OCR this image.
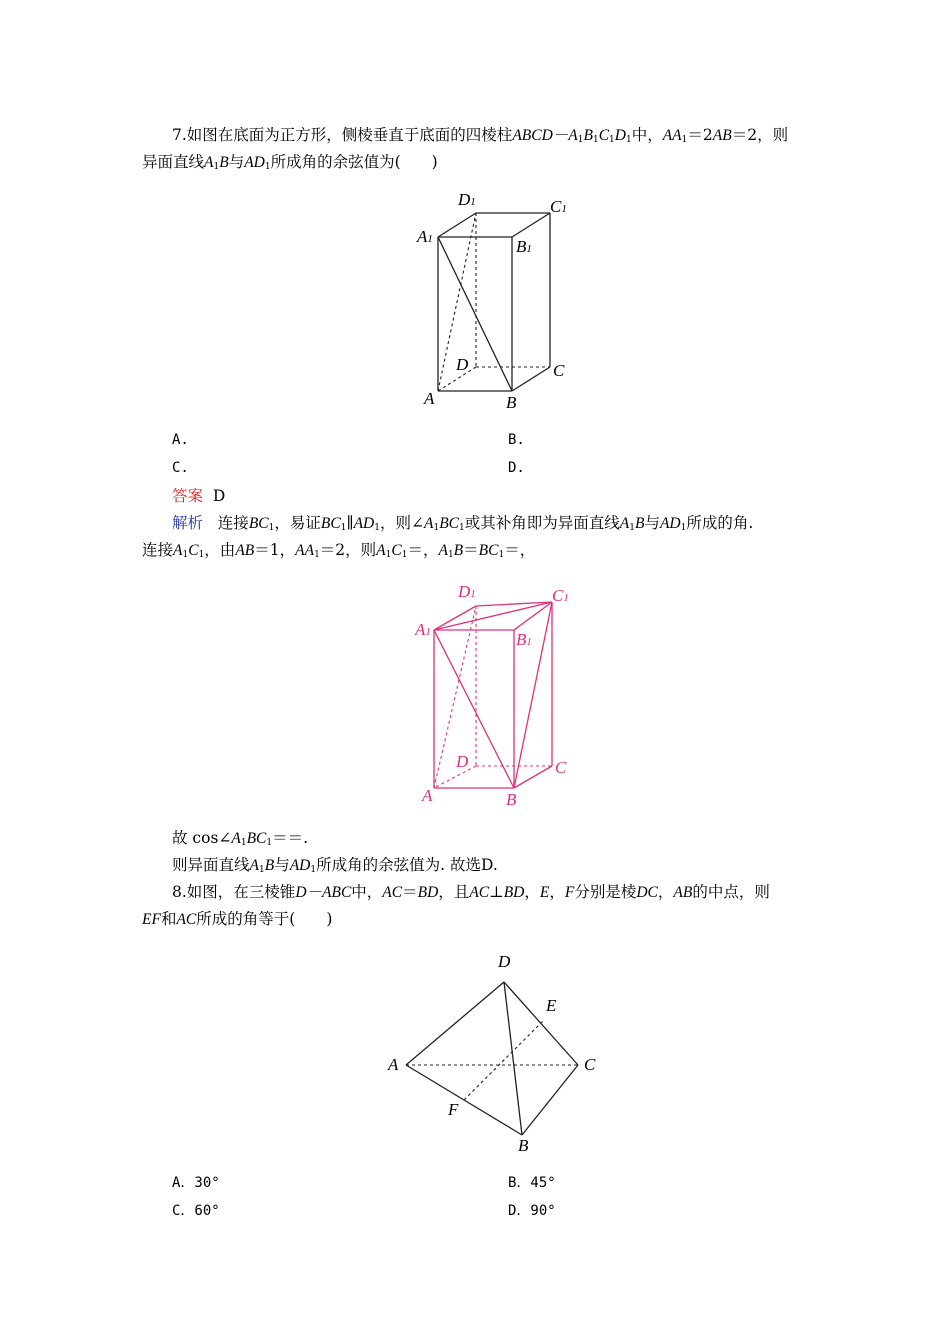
7.如图在底面为正方形，侧棱垂直于底面的四棱柱$ABCD-A_1B_1C_1D_1$中，$AA_1=2AB=2$，则
异面直线$A_1B$与$AD_1$所成角的余弦值为(　　)
D1	C1
A1	B1
D	C
A	B
A.	B.
C.	D.
答案 D
解析 连接$BC_1$，易证$BC_1\parallel AD_1$，则$\angle A_1BC_1$或其补角即为异面直线$A_1B$与$AD_1$所成的角.
连接$A_1C_1$，由AB＝1，$AA_1=2$，则$A_1C_1=$，$A_1B=BC_1=$，
D1	C1
A1	B1
D	C
A	B
故 $\cos\angle A_1BC_1==$.
则异面直线$A_1B$与$AD_1$所成角的余弦值为. 故选D.
8.如图，在三棱锥D－ABC中，AC＝BD，且AC⊥BD，E，F分别是棱DC，AB的中点，则
EF和AC所成的角等于(　　)
D
E
A	C
F
B
A．30°	B．45°
C．60°	D．90°
